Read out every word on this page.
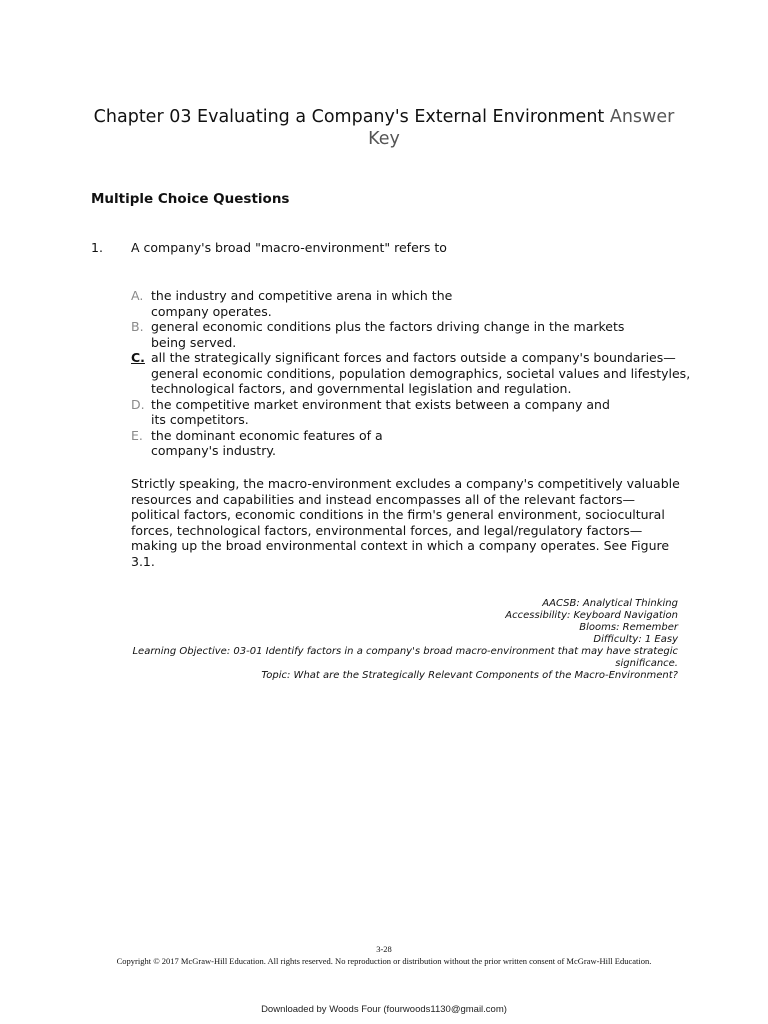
Chapter 03 Evaluating a Company's External Environment Answer Key
Multiple Choice Questions
1. A company's broad "macro-environment" refers to
A. the industry and competitive arena in which the company operates.
B. general economic conditions plus the factors driving change in the markets being served.
C. all the strategically significant forces and factors outside a company's boundaries—general economic conditions, population demographics, societal values and lifestyles, technological factors, and governmental legislation and regulation.
D. the competitive market environment that exists between a company and its competitors.
E. the dominant economic features of a company's industry.
Strictly speaking, the macro-environment excludes a company's competitively valuable resources and capabilities and instead encompasses all of the relevant factors—political factors, economic conditions in the firm's general environment, sociocultural forces, technological factors, environmental forces, and legal/regulatory factors—making up the broad environmental context in which a company operates. See Figure 3.1.
AACSB: Analytical Thinking
Accessibility: Keyboard Navigation
Blooms: Remember
Difficulty: 1 Easy
Learning Objective: 03-01 Identify factors in a company's broad macro-environment that may have strategic significance.
Topic: What are the Strategically Relevant Components of the Macro-Environment?
3-28
Copyright © 2017 McGraw-Hill Education. All rights reserved. No reproduction or distribution without the prior written consent of McGraw-Hill Education.
Downloaded by Woods Four (fourwoods1130@gmail.com)
